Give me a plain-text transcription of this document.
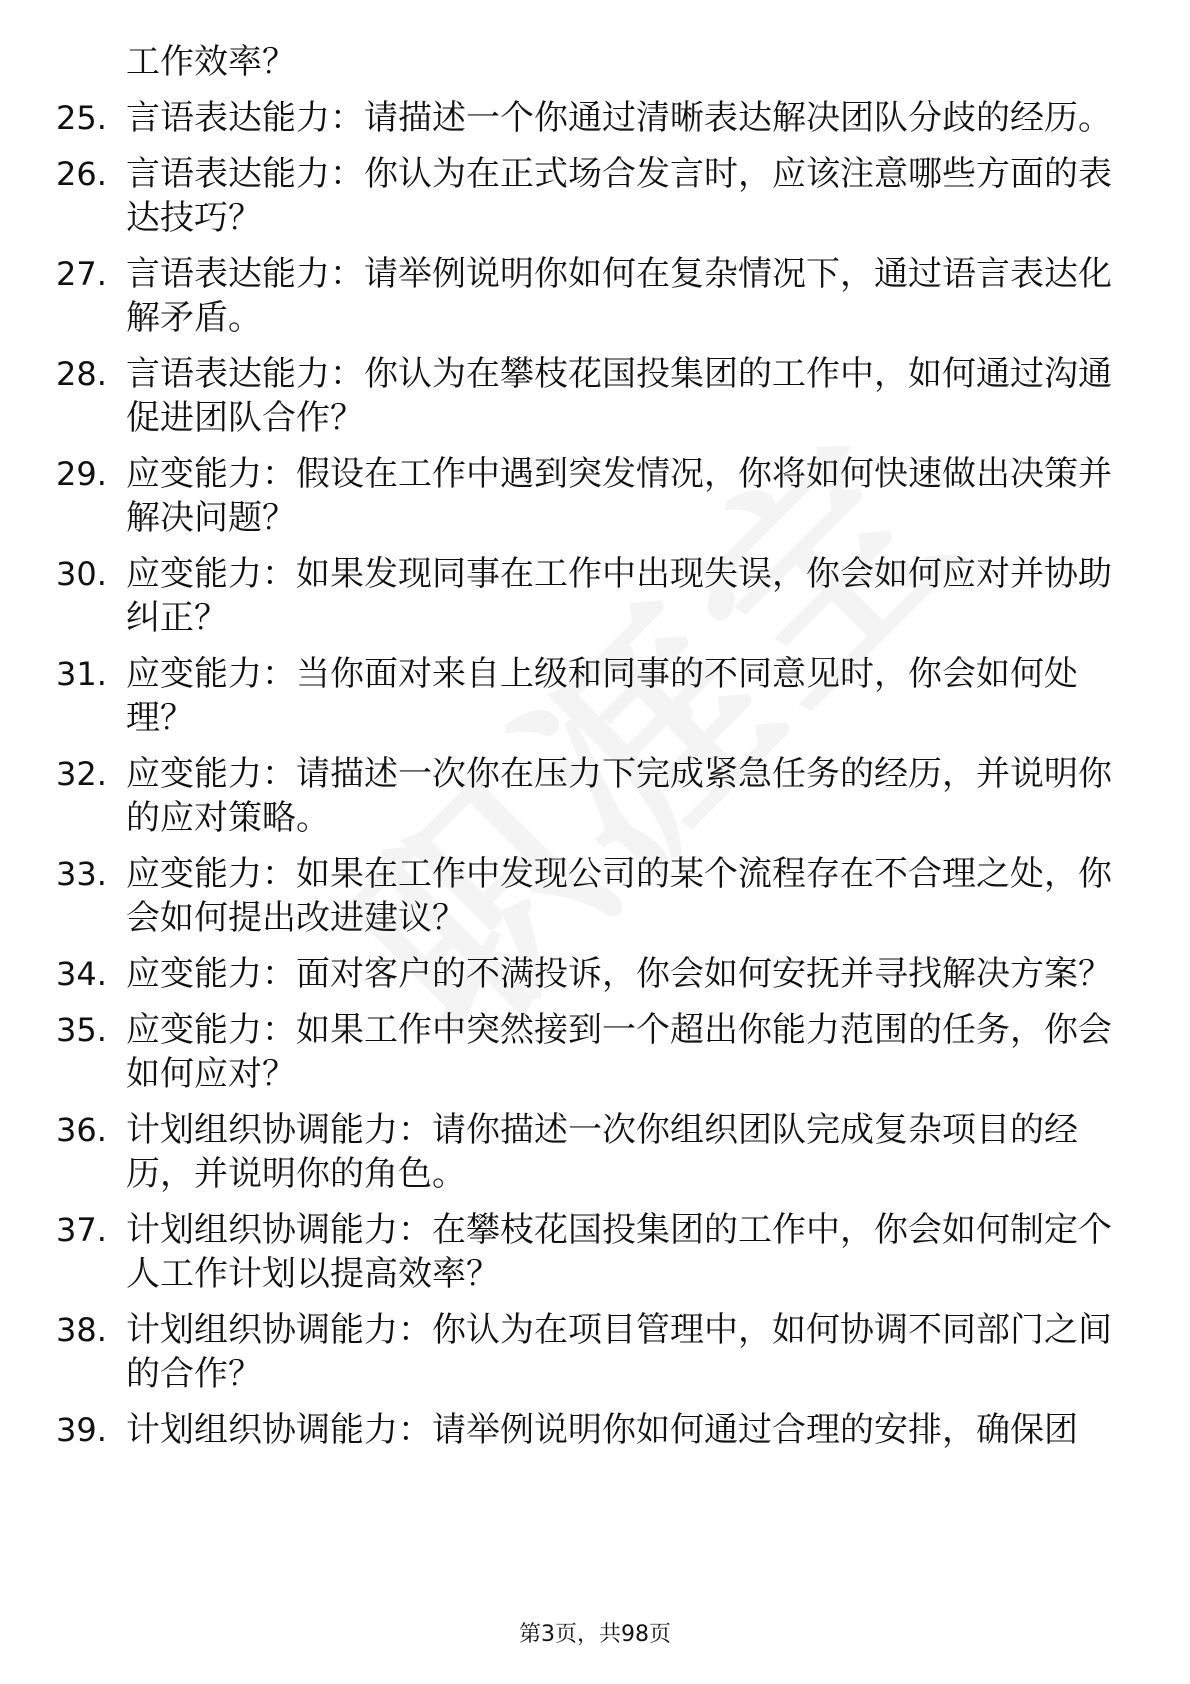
工作效率？
25. 言语表达能力：请描述一个你通过清晰表达解决团队分歧的经历。
26. 言语表达能力：你认为在正式场合发言时，应该注意哪些方面的表达技巧？
27. 言语表达能力：请举例说明你如何在复杂情况下，通过语言表达化解矛盾。
28. 言语表达能力：你认为在攀枝花国投集团的工作中，如何通过沟通促进团队合作？
29. 应变能力：假设在工作中遇到突发情况，你将如何快速做出决策并解决问题？
30. 应变能力：如果发现同事在工作中出现失误，你会如何应对并协助纠正？
31. 应变能力：当你面对来自上级和同事的不同意见时，你会如何处理？
32. 应变能力：请描述一次你在压力下完成紧急任务的经历，并说明你的应对策略。
33. 应变能力：如果在工作中发现公司的某个流程存在不合理之处，你会如何提出改进建议？
34. 应变能力：面对客户的不满投诉，你会如何安抚并寻找解决方案？
35. 应变能力：如果工作中突然接到一个超出你能力范围的任务，你会如何应对？
36. 计划组织协调能力：请你描述一次你组织团队完成复杂项目的经历，并说明你的角色。
37. 计划组织协调能力：在攀枝花国投集团的工作中，你会如何制定个人工作计划以提高效率？
38. 计划组织协调能力：你认为在项目管理中，如何协调不同部门之间的合作？
39. 计划组织协调能力：请举例说明你如何通过合理的安排，确保团
第3页，共98页
